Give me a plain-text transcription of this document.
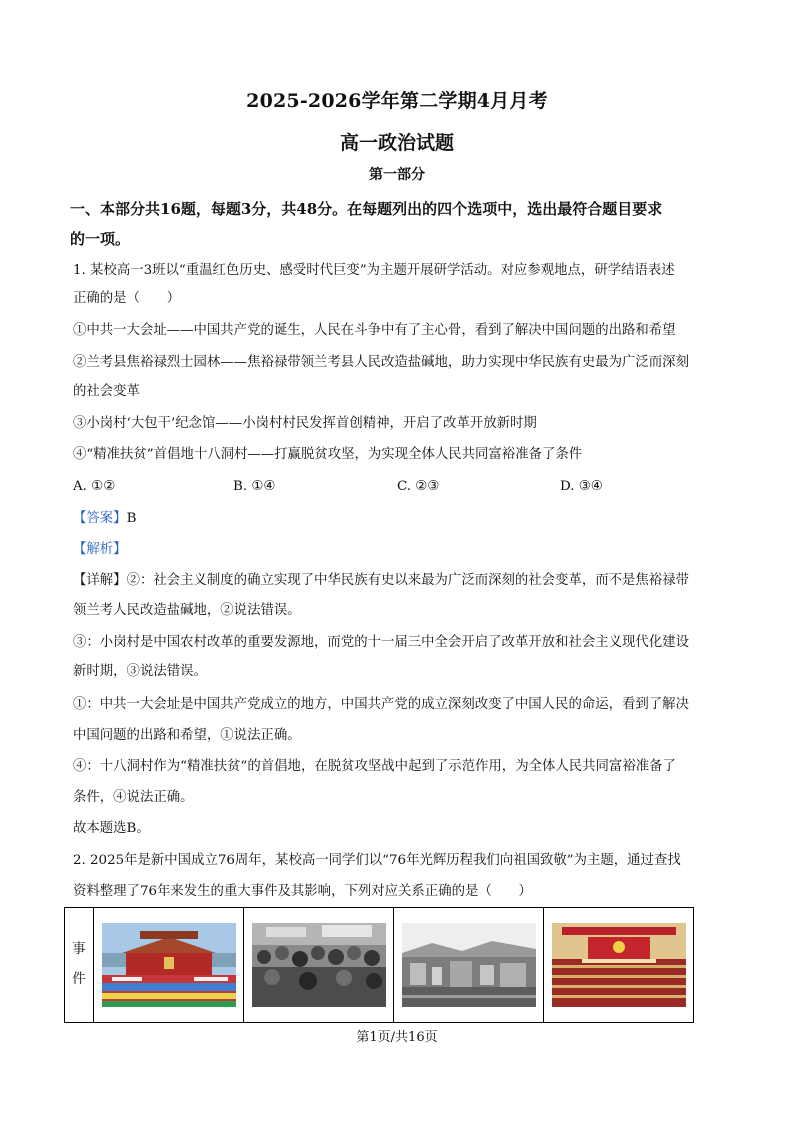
2025-2026学年第二学期4月月考
高一政治试题
第一部分
一、本部分共16题，每题3分，共48分。在每题列出的四个选项中，选出最符合题目要求
的一项。
1. 某校高一3班以“重温红色历史、感受时代巨变”为主题开展研学活动。对应参观地点，研学结语表述
正确的是（　　）
①中共一大会址——中国共产党的诞生，人民在斗争中有了主心骨，看到了解决中国问题的出路和希望
②兰考县焦裕禄烈士园林——焦裕禄带领兰考县人民改造盐碱地，助力实现中华民族有史最为广泛而深刻
的社会变革
③小岗村‘大包干’纪念馆——小岗村村民发挥首创精神，开启了改革开放新时期
④“精准扶贫”首倡地十八洞村——打赢脱贫攻坚，为实现全体人民共同富裕准备了条件
A. ①②	B. ①④	C. ②③	D. ③④
【答案】B
【解析】
【详解】②：社会主义制度的确立实现了中华民族有史以来最为广泛而深刻的社会变革，而不是焦裕禄带
领兰考人民改造盐碱地，②说法错误。
③：小岗村是中国农村改革的重要发源地，而党的十一届三中全会开启了改革开放和社会主义现代化建设
新时期，③说法错误。
①：中共一大会址是中国共产党成立的地方，中国共产党的成立深刻改变了中国人民的命运，看到了解决
中国问题的出路和希望，①说法正确。
④：十八洞村作为“精准扶贫”的首倡地，在脱贫攻坚战中起到了示范作用，为全体人民共同富裕准备了
条件，④说法正确。
故本题选B。
2. 2025年是新中国成立76周年，某校高一同学们以“76年光辉历程我们向祖国致敬”为主题，通过查找
资料整理了76年来发生的重大事件及其影响，下列对应关系正确的是（　　）
事
件

第1页/共16页
